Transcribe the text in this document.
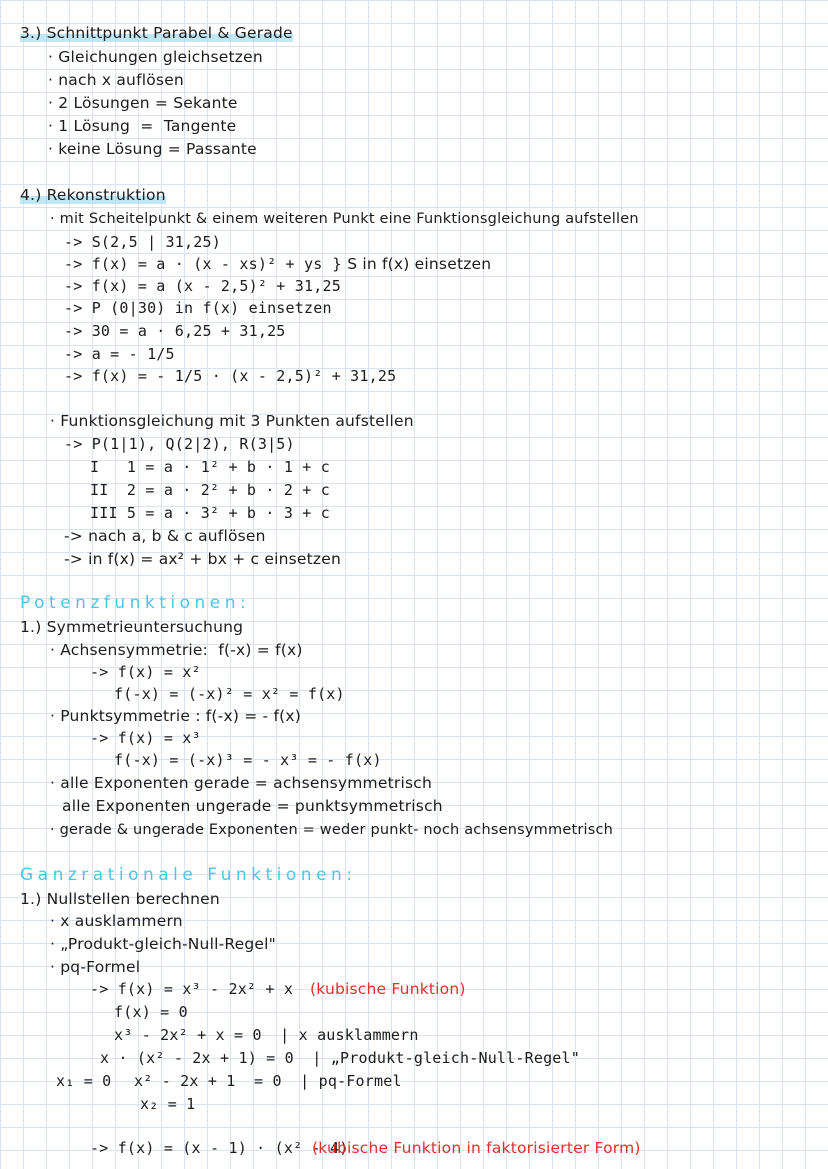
3.) Schnittpunkt Parabel & Gerade
· Gleichungen gleichsetzen
· nach x auflösen
· 2 Lösungen = Sekante
· 1 Lösung  =  Tangente
· keine Lösung = Passante
4.) Rekonstruktion
· mit Scheitelpunkt & einem weiteren Punkt eine Funktionsgleichung aufstellen
-> S(2,5 | 31,25)
-> f(x) = a · (x - xs)² + ys } S in f(x) einsetzen
-> f(x) = a (x - 2,5)² + 31,25
-> P (0|30) in f(x) einsetzen
-> 30 = a · 6,25 + 31,25
-> a = - 1/5
-> f(x) = - 1/5 · (x - 2,5)² + 31,25
· Funktionsgleichung mit 3 Punkten aufstellen
-> P(1|1), Q(2|2), R(3|5)
I   1 = a · 1² + b · 1 + c
II  2 = a · 2² + b · 2 + c
III 5 = a · 3² + b · 3 + c
-> nach a, b & c auflösen
-> in f(x) = ax² + bx + c einsetzen
Potenzfunktionen:
1.) Symmetrieuntersuchung
· Achsensymmetrie:  f(-x) = f(x)
-> f(x) = x²
f(-x) = (-x)² = x² = f(x)
· Punktsymmetrie : f(-x) = - f(x)
-> f(x) = x³
f(-x) = (-x)³ = - x³ = - f(x)
· alle Exponenten gerade = achsensymmetrisch
alle Exponenten ungerade = punktsymmetrisch
· gerade & ungerade Exponenten = weder punkt- noch achsensymmetrisch
Ganzrationale Funktionen:
1.) Nullstellen berechnen
· x ausklammern
· „Produkt-gleich-Null-Regel"
· pq-Formel
-> f(x) = x³ - 2x² + x (kubische Funktion)
f(x) = 0
x³ - 2x² + x = 0  | x ausklammern
x · (x² - 2x + 1) = 0  | „Produkt-gleich-Null-Regel"
x₁ = 0 x² - 2x + 1  = 0  | pq-Formel
x₂ = 1
-> f(x) = (x - 1) · (x² - 4)
(kubische Funktion in faktorisierter Form)
